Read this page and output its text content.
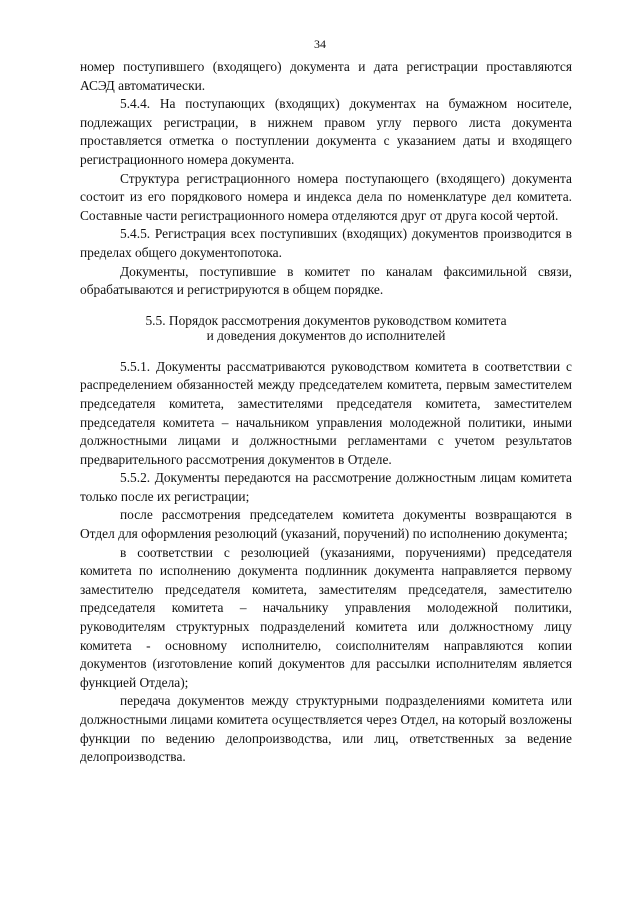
34

номер поступившего (входящего) документа и дата регистрации проставляются АСЭД автоматически.

5.4.4. На поступающих (входящих) документах на бумажном носителе, подлежащих регистрации, в нижнем правом углу первого листа документа проставляется отметка о поступлении документа с указанием даты и входящего регистрационного номера документа.

Структура регистрационного номера поступающего (входящего) документа состоит из его порядкового номера и индекса дела по номенклатуре дел комитета. Составные части регистрационного номера отделяются друг от друга косой чертой.

5.4.5. Регистрация всех поступивших (входящих) документов производится в пределах общего документопотока.

Документы, поступившие в комитет по каналам факсимильной связи, обрабатываются и регистрируются в общем порядке.

5.5. Порядок рассмотрения документов руководством комитета
и доведения документов до исполнителей

5.5.1. Документы рассматриваются руководством комитета в соответствии с распределением обязанностей между председателем комитета, первым заместителем председателя комитета, заместителями председателя комитета, заместителем председателя комитета – начальником управления молодежной политики, иными должностными лицами и должностными регламентами с учетом результатов предварительного рассмотрения документов в Отделе.

5.5.2. Документы передаются на рассмотрение должностным лицам комитета только после их регистрации;

после рассмотрения председателем комитета документы возвращаются в Отдел для оформления резолюций (указаний, поручений) по исполнению документа;

в соответствии с резолюцией (указаниями, поручениями) председателя комитета по исполнению документа подлинник документа направляется первому заместителю председателя комитета, заместителям председателя, заместителю председателя комитета – начальнику управления молодежной политики, руководителям структурных подразделений комитета или должностному лицу комитета - основному исполнителю, соисполнителям направляются копии документов (изготовление копий документов для рассылки исполнителям является функцией Отдела);

передача документов между структурными подразделениями комитета или должностными лицами комитета осуществляется через Отдел, на который возложены функции по ведению делопроизводства, или лиц, ответственных за ведение делопроизводства.
